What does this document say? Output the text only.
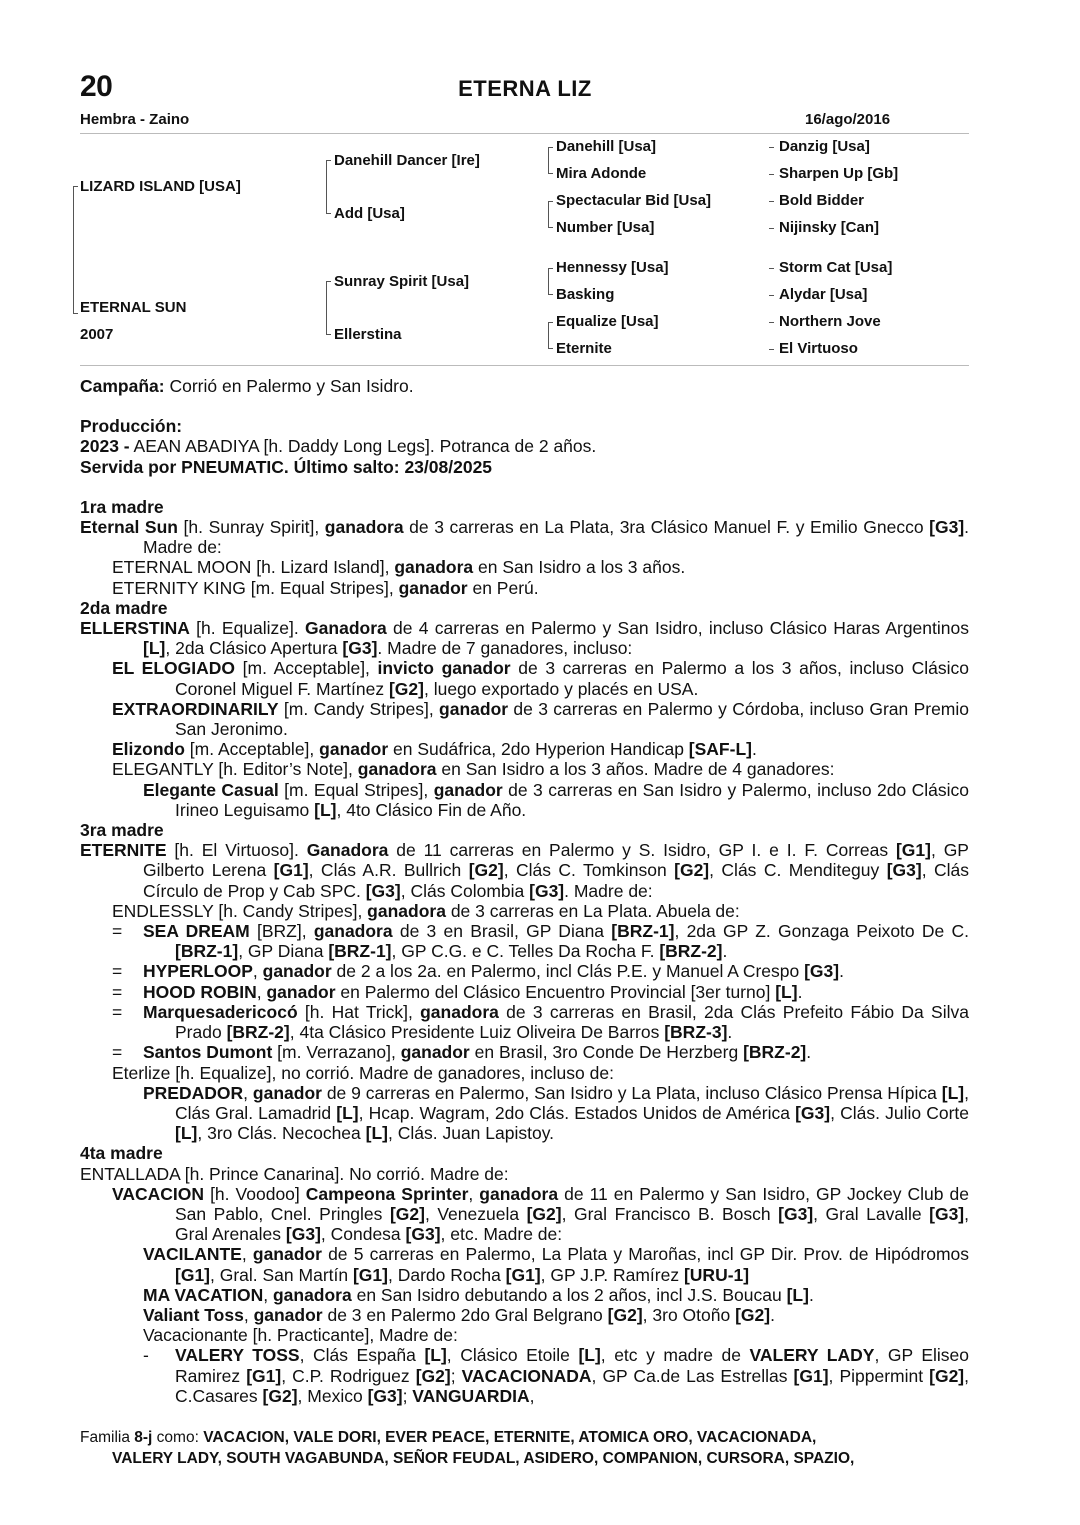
20	ETERNA LIZ
Hembra - Zaino	16/ago/2016
LIZARD ISLAND [USA]
ETERNAL SUN
2007
Danehill Dancer [Ire]
Add [Usa]
Sunray Spirit [Usa]
Ellerstina
Danehill [Usa]
Mira Adonde
Spectacular Bid [Usa]
Number [Usa]
Hennessy [Usa]
Basking
Equalize [Usa]
Eternite
Danzig [Usa]
Sharpen Up [Gb]
Bold Bidder
Nijinsky [Can]
Storm Cat [Usa]
Alydar [Usa]
Northern Jove
El Virtuoso

Campaña: Corrió en Palermo y San Isidro.

Producción:

2023 - AEAN ABADIYA [h. Daddy Long Legs]. Potranca de 2 años.

Servida por PNEUMATIC. Último salto: 23/08/2025

1ra madre

Eternal Sun [h. Sunray Spirit], ganadora de 3 carreras en La Plata, 3ra Clásico Manuel F. y Emilio Gnecco [G3]. Madre de:

ETERNAL MOON [h. Lizard Island], ganadora en San Isidro a los 3 años.

ETERNITY KING [m. Equal Stripes], ganador en Perú.

2da madre

ELLERSTINA [h. Equalize]. Ganadora de 4 carreras en Palermo y San Isidro, incluso Clásico Haras Argentinos [L], 2da Clásico Apertura [G3]. Madre de 7 ganadores, incluso:

EL ELOGIADO [m. Acceptable], invicto ganador de 3 carreras en Palermo a los 3 años, incluso Clásico Coronel Miguel F. Martínez [G2], luego exportado y placés en USA.

EXTRAORDINARILY [m. Candy Stripes], ganador de 3 carreras en Palermo y Córdoba, incluso Gran Premio San Jeronimo.

Elizondo [m. Acceptable], ganador en Sudáfrica, 2do Hyperion Handicap [SAF-L].

ELEGANTLY [h. Editor’s Note], ganadora en San Isidro a los 3 años. Madre de 4 ganadores:

Elegante Casual [m. Equal Stripes], ganador de 3 carreras en San Isidro y Palermo, incluso 2do Clásico Irineo Leguisamo [L], 4to Clásico Fin de Año.

3ra madre

ETERNITE [h. El Virtuoso]. Ganadora de 11 carreras en Palermo y S. Isidro, GP I. e I. F. Correas [G1], GP Gilberto Lerena [G1], Clás A.R. Bullrich [G2], Clás C. Tomkinson [G2], Clás C. Menditeguy [G3], Clás Círculo de Prop y Cab SPC. [G3], Clás Colombia [G3]. Madre de:

ENDLESSLY [h. Candy Stripes], ganadora de 3 carreras en La Plata. Abuela de:

= SEA DREAM [BRZ], ganadora de 3 en Brasil, GP Diana [BRZ-1], 2da GP Z. Gonzaga Peixoto De C. [BRZ-1], GP Diana [BRZ-1], GP C.G. e C. Telles Da Rocha F. [BRZ-2].

= HYPERLOOP, ganador de 2 a los 2a. en Palermo, incl Clás P.E. y Manuel A Crespo [G3].

= HOOD ROBIN, ganador en Palermo del Clásico Encuentro Provincial [3er turno] [L].

= Marquesadericocó [h. Hat Trick], ganadora de 3 carreras en Brasil, 2da Clás Prefeito Fábio Da Silva Prado [BRZ-2], 4ta Clásico Presidente Luiz Oliveira De Barros [BRZ-3].

= Santos Dumont [m. Verrazano], ganador en Brasil, 3ro Conde De Herzberg [BRZ-2].

Eterlize [h. Equalize], no corrió. Madre de ganadores, incluso de:

PREDADOR, ganador de 9 carreras en Palermo, San Isidro y La Plata, incluso Clásico Prensa Hípica [L], Clás Gral. Lamadrid [L], Hcap. Wagram, 2do Clás. Estados Unidos de América [G3], Clás. Julio Corte [L], 3ro Clás. Necochea [L], Clás. Juan Lapistoy.

4ta madre

ENTALLADA [h. Prince Canarina]. No corrió. Madre de:

VACACION [h. Voodoo] Campeona Sprinter, ganadora de 11 en Palermo y San Isidro, GP Jockey Club de San Pablo, Cnel. Pringles [G2], Venezuela [G2], Gral Francisco B. Bosch [G3], Gral Lavalle [G3], Gral Arenales [G3], Condesa [G3], etc. Madre de:

VACILANTE, ganador de 5 carreras en Palermo, La Plata y Maroñas, incl GP Dir. Prov. de Hipódromos [G1], Gral. San Martín [G1], Dardo Rocha [G1], GP J.P. Ramírez [URU-1]

MA VACATION, ganadora en San Isidro debutando a los 2 años, incl J.S. Boucau [L].

Valiant Toss, ganador de 3 en Palermo 2do Gral Belgrano [G2], 3ro Otoño [G2].

Vacacionante [h. Practicante], Madre de:

- VALERY TOSS, Clás España [L], Clásico Etoile [L], etc y madre de VALERY LADY, GP Eliseo Ramirez [G1], C.P. Rodriguez [G2]; VACACIONADA, GP Ca.de Las Estrellas [G1], Pippermint [G2], C.Casares [G2], Mexico [G3]; VANGUARDIA,

Familia 8-j como: VACACION, VALE DORI, EVER PEACE, ETERNITE, ATOMICA ORO, VACACIONADA,
VALERY LADY, SOUTH VAGABUNDA, SEÑOR FEUDAL, ASIDERO, COMPANION, CURSORA, SPAZIO,
